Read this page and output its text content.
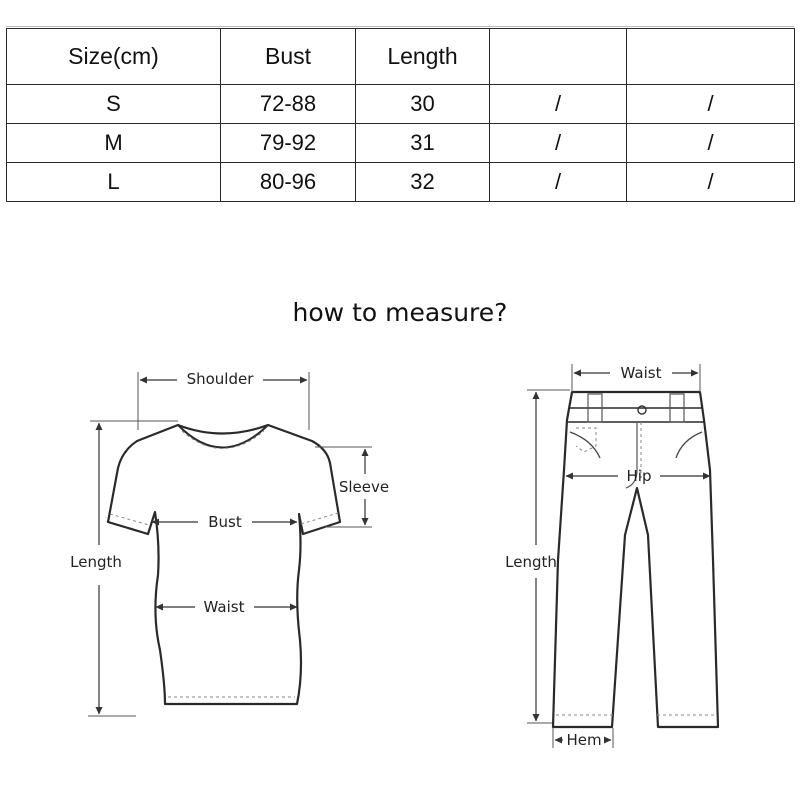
Size(cm)	Bust	Length		
S	72-88	30	/	/
M	79-92	31	/	/
L	80-96	32	/	/
how to measure?
Shoulder
Sleeve
Bust
Waist
Length
Waist
Hip
Length
Hem
